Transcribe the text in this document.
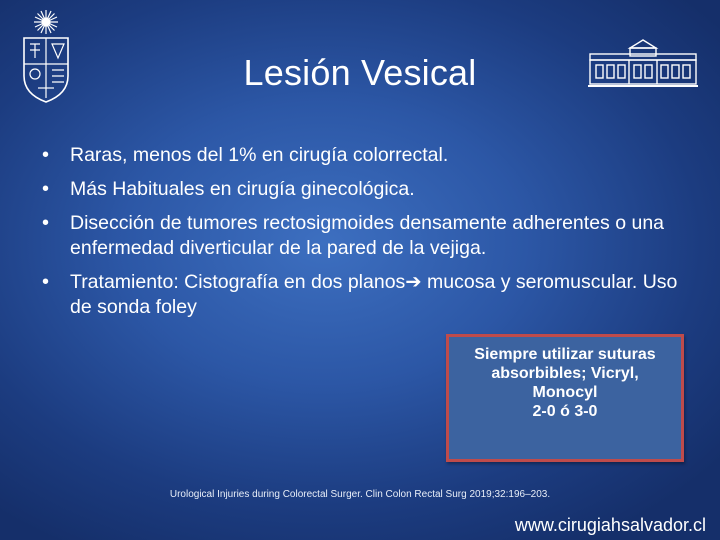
Lesión Vesical
• Raras, menos del 1% en cirugía colorrectal.
• Más Habituales en cirugía ginecológica.
• Disección de tumores rectosigmoides densamente adherentes o una enfermedad diverticular de la pared de la vejiga.
• Tratamiento: Cistografía en dos planos➔ mucosa y seromuscular. Uso de sonda foley
Siempre utilizar suturas
absorbibles; Vicryl,
Monocyl
2-0 ó 3-0
Urological Injuries during Colorectal Surger. Clin Colon Rectal Surg 2019;32:196–203.
www.cirugiahsalvador.cl
